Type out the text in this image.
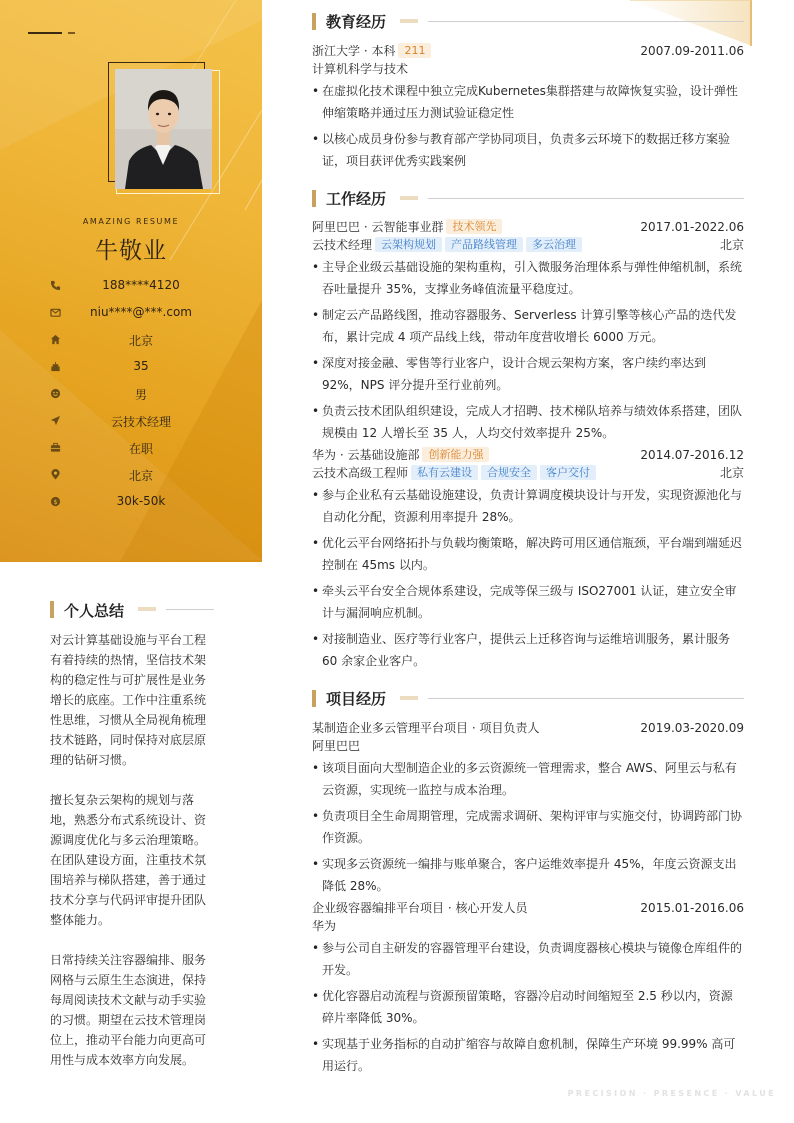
AMAZING RESUME
牛敬业
188****4120
niu****@***.com
北京
35
男
云技术经理
在职
北京
$	30k-50k
个人总结

对云计算基础设施与平台工程有着持续的热情，坚信技术架构的稳定性与可扩展性是业务增长的底座。工作中注重系统性思维，习惯从全局视角梳理技术链路，同时保持对底层原理的钻研习惯。

擅长复杂云架构的规划与落地，熟悉分布式系统设计、资源调度优化与多云治理策略。在团队建设方面，注重技术氛围培养与梯队搭建，善于通过技术分享与代码评审提升团队整体能力。

日常持续关注容器编排、服务网格与云原生生态演进，保持每周阅读技术文献与动手实验的习惯。期望在云技术管理岗位上，推动平台能力向更高可用性与成本效率方向发展。

教育经历
浙江大学 · 本科 211	2007.09-2011.06
计算机科学与技术
• 在虚拟化技术课程中独立完成Kubernetes集群搭建与故障恢复实验，设计弹性伸缩策略并通过压力测试验证稳定性
• 以核心成员身份参与教育部产学协同项目，负责多云环境下的数据迁移方案验证，项目获评优秀实践案例
工作经历
阿里巴巴 · 云智能事业群 技术领先	2017.01-2022.06
云技术经理 云架构规划 产品路线管理 多云治理	北京
• 主导企业级云基础设施的架构重构，引入微服务治理体系与弹性伸缩机制，系统吞吐量提升 35%，支撑业务峰值流量平稳度过。
• 制定云产品路线图，推动容器服务、Serverless 计算引擎等核心产品的迭代发布，累计完成 4 项产品线上线，带动年度营收增长 6000 万元。
• 深度对接金融、零售等行业客户，设计合规云架构方案，客户续约率达到 92%，NPS 评分提升至行业前列。
• 负责云技术团队组织建设，完成人才招聘、技术梯队培养与绩效体系搭建，团队规模由 12 人增长至 35 人，人均交付效率提升 25%。
华为 · 云基础设施部 创新能力强	2014.07-2016.12
云技术高级工程师 私有云建设 合规安全 客户交付	北京
• 参与企业私有云基础设施建设，负责计算调度模块设计与开发，实现资源池化与自动化分配，资源利用率提升 28%。
• 优化云平台网络拓扑与负载均衡策略，解决跨可用区通信瓶颈，平台端到端延迟控制在 45ms 以内。
• 牵头云平台安全合规体系建设，完成等保三级与 ISO27001 认证，建立安全审计与漏洞响应机制。
• 对接制造业、医疗等行业客户，提供云上迁移咨询与运维培训服务，累计服务 60 余家企业客户。
项目经历
某制造企业多云管理平台项目 · 项目负责人	2019.03-2020.09
阿里巴巴
• 该项目面向大型制造企业的多云资源统一管理需求，整合 AWS、阿里云与私有云资源，实现统一监控与成本治理。
• 负责项目全生命周期管理，完成需求调研、架构评审与实施交付，协调跨部门协作资源。
• 实现多云资源统一编排与账单聚合，客户运维效率提升 45%，年度云资源支出降低 28%。
企业级容器编排平台项目 · 核心开发人员	2015.01-2016.06
华为
• 参与公司自主研发的容器管理平台建设，负责调度器核心模块与镜像仓库组件的开发。
• 优化容器启动流程与资源预留策略，容器冷启动时间缩短至 2.5 秒以内，资源碎片率降低 30%。
• 实现基于业务指标的自动扩缩容与故障自愈机制，保障生产环境 99.99% 高可用运行。
PRECISION · PRESENCE · VALUE
